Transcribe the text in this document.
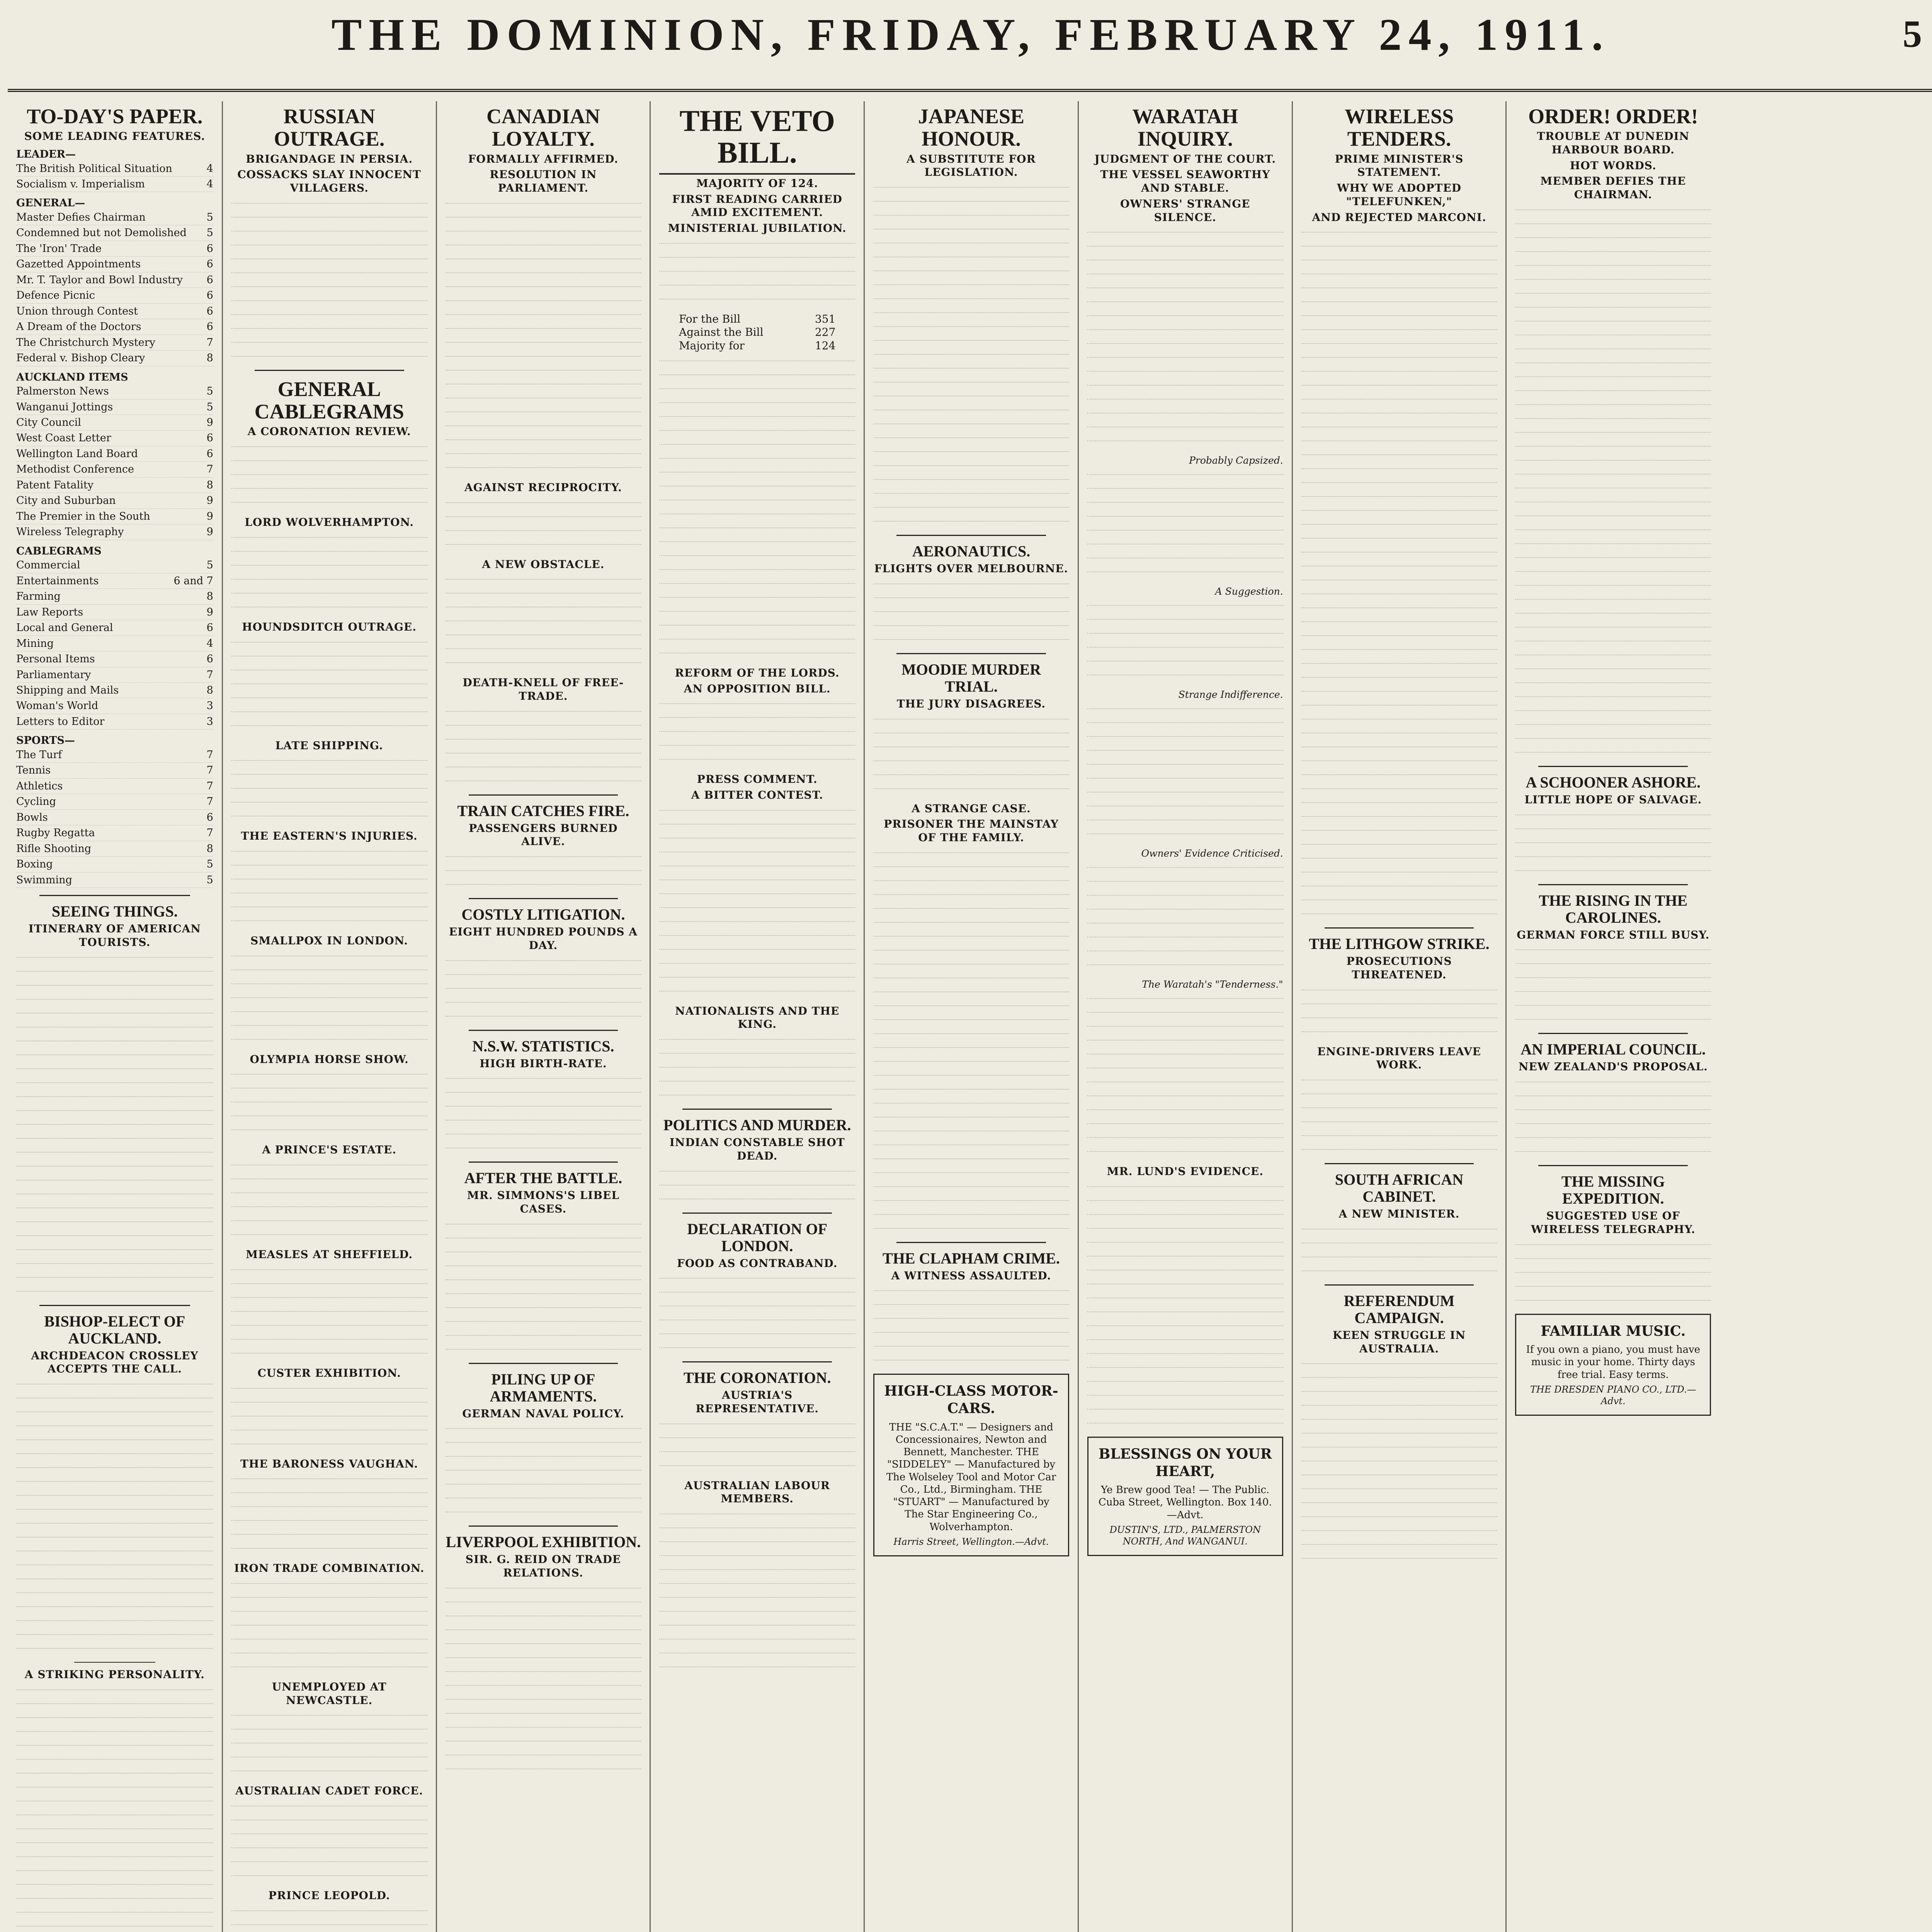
THE DOMINION, FRIDAY, FEBRUARY 24, 1911.	5
TO-DAY'S PAPER.
SOME LEADING FEATURES.
LEADER—
The British Political Situation	4
Socialism v. Imperialism	4
GENERAL—
Master Defies Chairman	5
Condemned but not Demolished 5
The 'Iron' Trade	6
Gazetted Appointments	6
Mr. T. Taylor and Bowl Industry 6
Defence Picnic	6
Union through Contest	6
A Dream of the Doctors	6
The Christchurch Mystery	7
Federal v. Bishop Cleary	8
AUCKLAND ITEMS
Palmerston News	5
Wanganui Jottings	5
City Council	9
West Coast Letter	6
Wellington Land Board	6
Methodist Conference	7
Patent Fatality	8
City and Suburban	9
The Premier in the South	9
Wireless Telegraphy	9
CABLEGRAMS
Commercial	5
Entertainments	6 and 7
Farming	8
Law Reports	9
Local and General	6
Mining	4
Personal Items	6
Parliamentary	7
Shipping and Mails	8
Woman's World	3
Letters to Editor	3
SPORTS—
The Turf	7
Tennis	7
Athletics	7
Cycling	7
Bowls	6
Rugby Regatta	7
Rifle Shooting	8
Boxing	5
Swimming	5
SEEING THINGS.
ITINERARY OF AMERICAN TOURISTS.
BISHOP-ELECT OF AUCKLAND.
ARCHDEACON CROSSLEY ACCEPTS THE CALL.
A STRIKING PERSONALITY.
RUSSIAN OUTRAGE.
BRIGANDAGE IN PERSIA.
COSSACKS SLAY INNOCENT VILLAGERS.
GENERAL CABLEGRAMS
A CORONATION REVIEW.
LORD WOLVERHAMPTON.
HOUNDSDITCH OUTRAGE.
LATE SHIPPING.
THE EASTERN'S INJURIES.
SMALLPOX IN LONDON.
OLYMPIA HORSE SHOW.
A PRINCE'S ESTATE.
MEASLES AT SHEFFIELD.
CUSTER EXHIBITION.
THE BARONESS VAUGHAN.
IRON TRADE COMBINATION.
UNEMPLOYED AT NEWCASTLE.
AUSTRALIAN CADET FORCE.
PRINCE LEOPOLD.
CANADIAN LOYALTY.
FORMALLY AFFIRMED.
RESOLUTION IN PARLIAMENT.
AGAINST RECIPROCITY.
A NEW OBSTACLE.
DEATH-KNELL OF FREE-TRADE.
TRAIN CATCHES FIRE.
PASSENGERS BURNED ALIVE.
COSTLY LITIGATION.
EIGHT HUNDRED POUNDS A DAY.
N.S.W. STATISTICS.
HIGH BIRTH-RATE.
AFTER THE BATTLE.
MR. SIMMONS'S LIBEL CASES.
PILING UP OF ARMAMENTS.
GERMAN NAVAL POLICY.
LIVERPOOL EXHIBITION.
SIR. G. REID ON TRADE RELATIONS.
THE VETO BILL.
MAJORITY OF 124.
FIRST READING CARRIED AMID EXCITEMENT.
MINISTERIAL JUBILATION.
For the Bill	351
Against the Bill	227
Majority for	124
REFORM OF THE LORDS.
AN OPPOSITION BILL.
PRESS COMMENT.
A BITTER CONTEST.
NATIONALISTS AND THE KING.
POLITICS AND MURDER.
INDIAN CONSTABLE SHOT DEAD.
DECLARATION OF LONDON.
FOOD AS CONTRABAND.
THE CORONATION.
AUSTRIA'S REPRESENTATIVE.
AUSTRALIAN LABOUR MEMBERS.
JAPANESE HONOUR.
A SUBSTITUTE FOR LEGISLATION.
AERONAUTICS.
FLIGHTS OVER MELBOURNE.
MOODIE MURDER TRIAL.
THE JURY DISAGREES.
A STRANGE CASE.
PRISONER THE MAINSTAY OF THE FAMILY.
THE CLAPHAM CRIME.
A WITNESS ASSAULTED.
HIGH-CLASS MOTOR-CARS.
THE "S.C.A.T." — Designers and Concessionaires, Newton and Bennett, Manchester. THE "SIDDELEY" — Manufactured by The Wolseley Tool and Motor Car Co., Ltd., Birmingham. THE "STUART" — Manufactured by The Star Engineering Co., Wolverhampton.
Harris Street, Wellington.—Advt.
WARATAH INQUIRY.
JUDGMENT OF THE COURT.
THE VESSEL SEAWORTHY AND STABLE.
OWNERS' STRANGE SILENCE.
Probably Capsized.
A Suggestion.
Strange Indifference.
Owners' Evidence Criticised.
The Waratah's "Tenderness."
MR. LUND'S EVIDENCE.
BLESSINGS ON YOUR HEART,
Ye Brew good Tea! — The Public. Cuba Street, Wellington. Box 140.—Advt.
DUSTIN'S, LTD., PALMERSTON NORTH, And WANGANUI.
WIRELESS TENDERS.
PRIME MINISTER'S STATEMENT.
WHY WE ADOPTED "TELEFUNKEN,"
AND REJECTED MARCONI.
THE LITHGOW STRIKE.
PROSECUTIONS THREATENED.
ENGINE-DRIVERS LEAVE WORK.
SOUTH AFRICAN CABINET.
A NEW MINISTER.
REFERENDUM CAMPAIGN.
KEEN STRUGGLE IN AUSTRALIA.
ORDER! ORDER!
TROUBLE AT DUNEDIN HARBOUR BOARD.
HOT WORDS.
MEMBER DEFIES THE CHAIRMAN.
A SCHOONER ASHORE.
LITTLE HOPE OF SALVAGE.
THE RISING IN THE CAROLINES.
GERMAN FORCE STILL BUSY.
AN IMPERIAL COUNCIL.
NEW ZEALAND'S PROPOSAL.
THE MISSING EXPEDITION.
SUGGESTED USE OF WIRELESS TELEGRAPHY.
FAMILIAR MUSIC.
If you own a piano, you must have music in your home. Thirty days free trial. Easy terms.
THE DRESDEN PIANO CO., LTD.—Advt.
